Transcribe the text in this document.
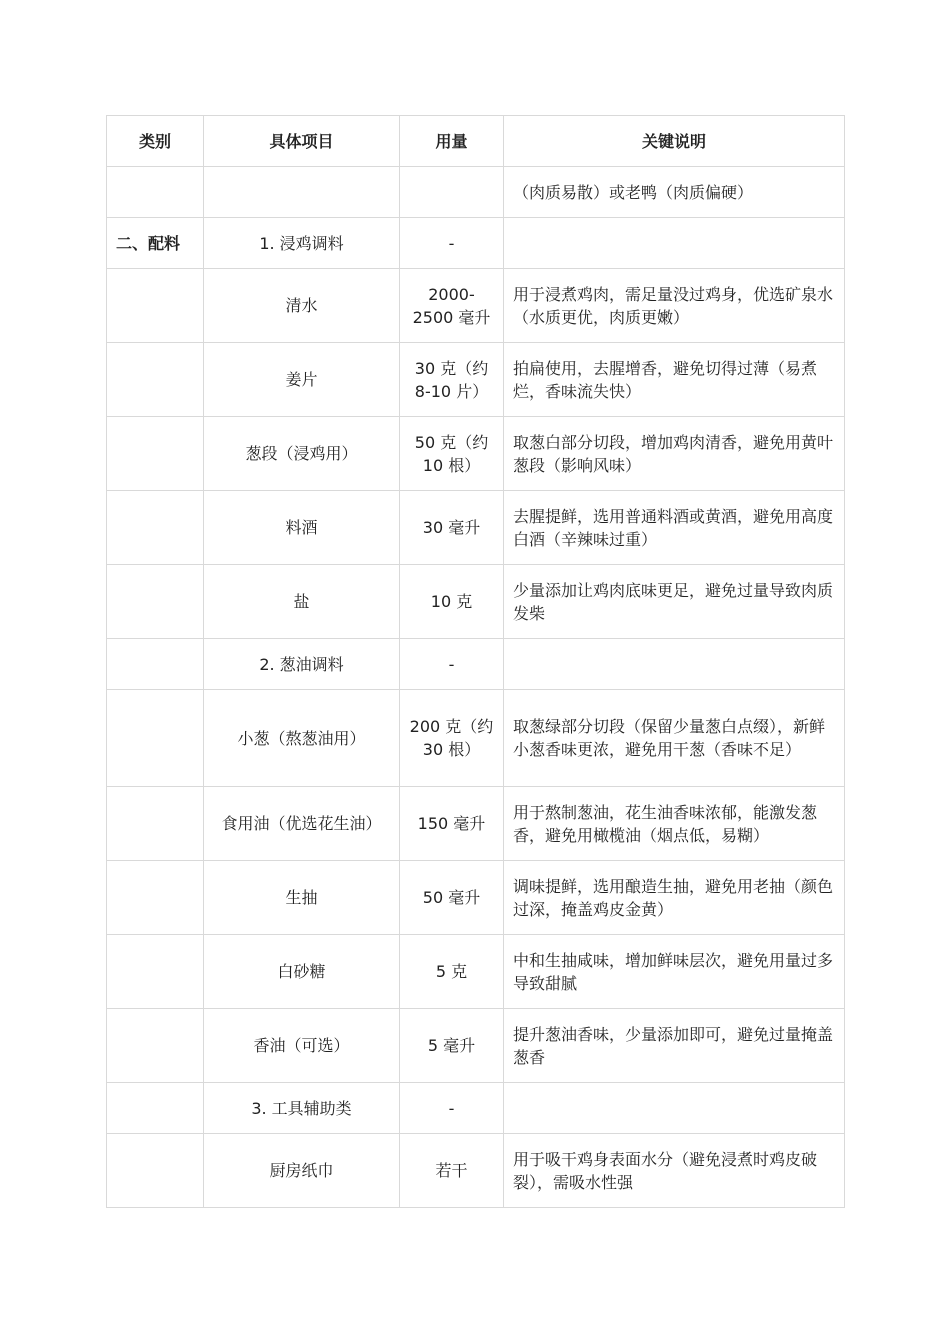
类别	具体项目	用量	关键说明
			（肉质易散）或老鸭（肉质偏硬）
二、配料	1. 浸鸡调料	-	
	清水	2000-2500 毫升	用于浸煮鸡肉，需足量没过鸡身，优选矿泉水（水质更优，肉质更嫩）
	姜片	30 克（约 8-10 片）	拍扁使用，去腥增香，避免切得过薄（易煮烂，香味流失快）
	葱段（浸鸡用）	50 克（约 10 根）	取葱白部分切段，增加鸡肉清香，避免用黄叶葱段（影响风味）
	料酒	30 毫升	去腥提鲜，选用普通料酒或黄酒，避免用高度白酒（辛辣味过重）
	盐	10 克	少量添加让鸡肉底味更足，避免过量导致肉质发柴
	2. 葱油调料	-	
	小葱（熬葱油用）	200 克（约 30 根）	取葱绿部分切段（保留少量葱白点缀），新鲜小葱香味更浓，避免用干葱（香味不足）
	食用油（优选花生油）	150 毫升	用于熬制葱油，花生油香味浓郁，能激发葱香，避免用橄榄油（烟点低，易糊）
	生抽	50 毫升	调味提鲜，选用酿造生抽，避免用老抽（颜色过深，掩盖鸡皮金黄）
	白砂糖	5 克	中和生抽咸味，增加鲜味层次，避免用量过多导致甜腻
	香油（可选）	5 毫升	提升葱油香味，少量添加即可，避免过量掩盖葱香
	3. 工具辅助类	-	
	厨房纸巾	若干	用于吸干鸡身表面水分（避免浸煮时鸡皮破裂），需吸水性强
